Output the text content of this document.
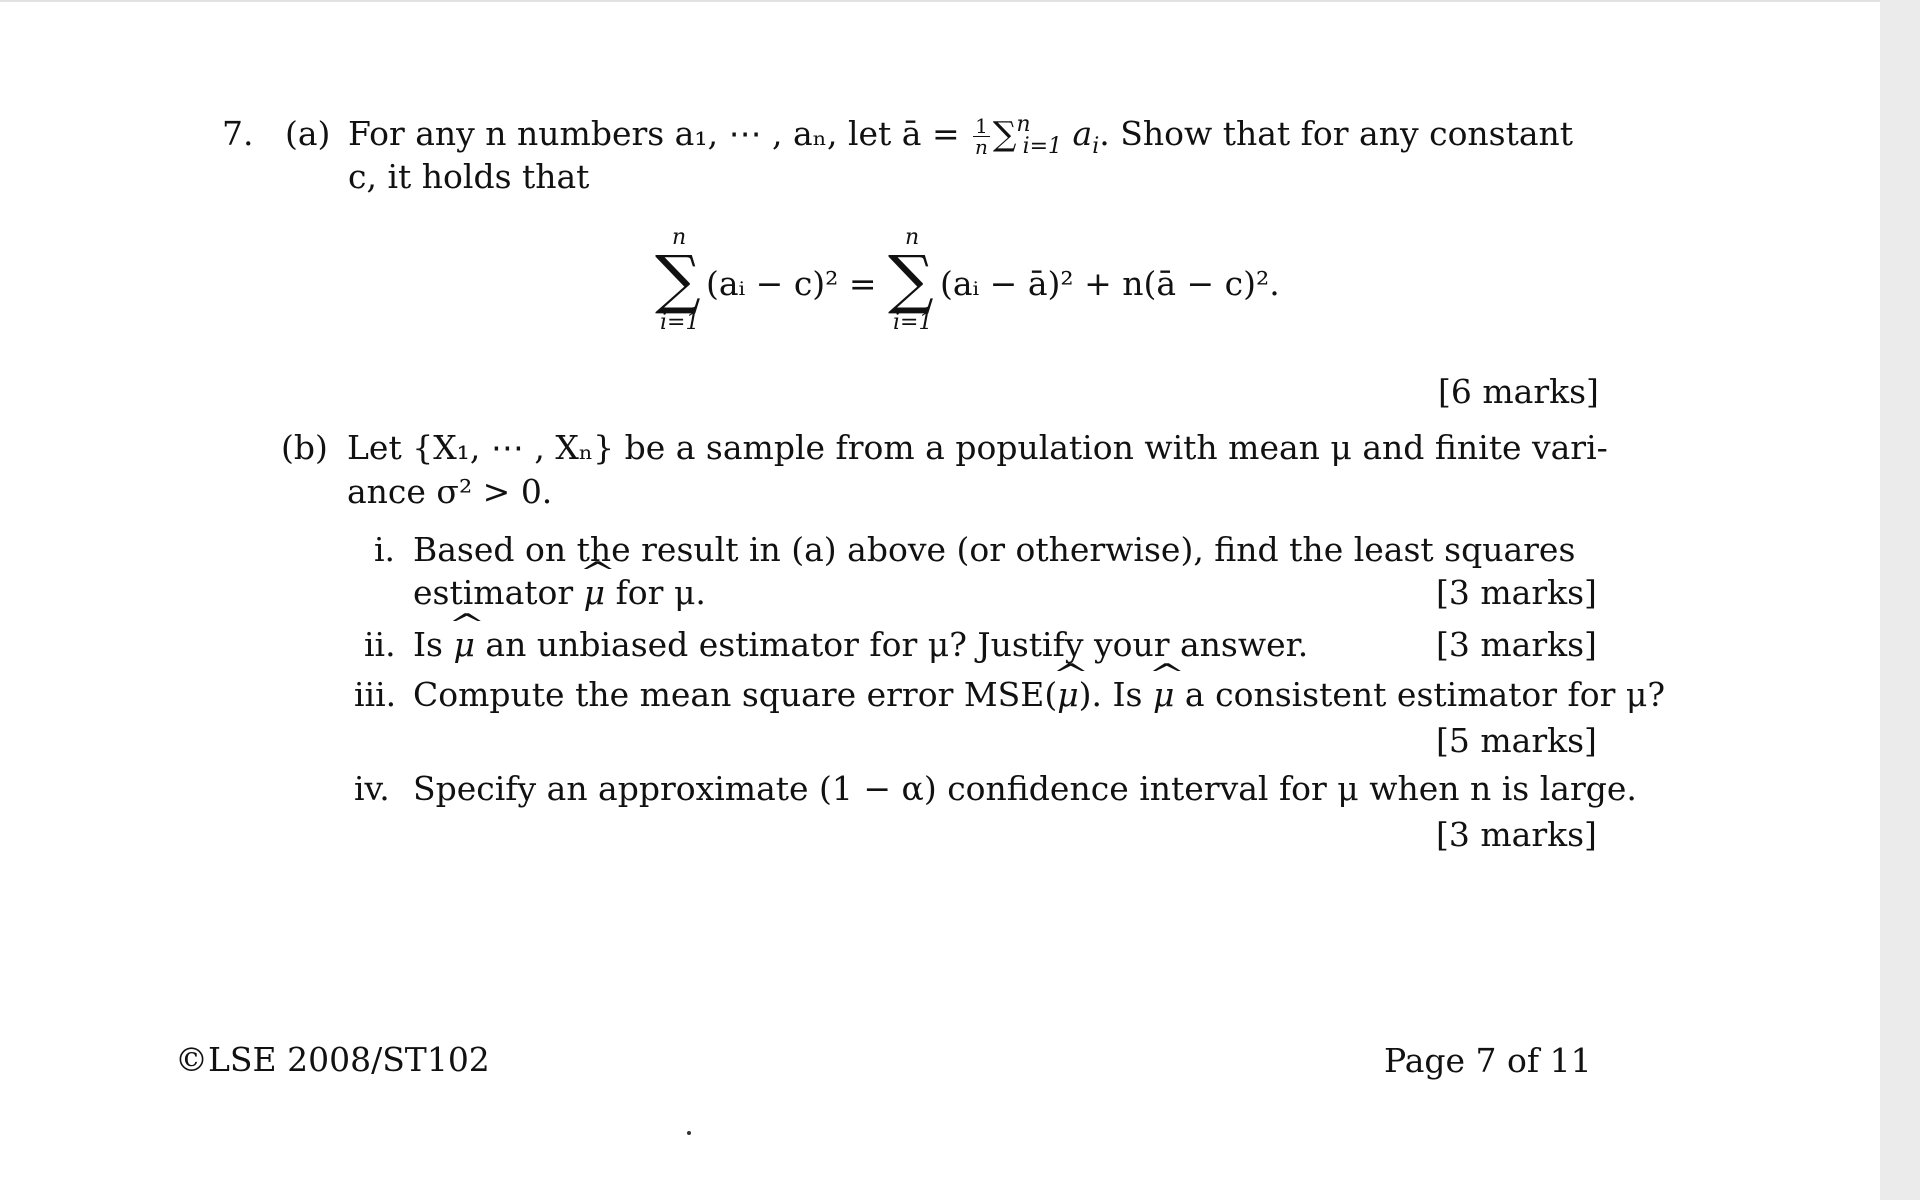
7. (a) For any n numbers a₁, ⋯ , aₙ, let ā = $\frac{1}{n} \sum^n_{i=1}$ $a_i$. Show that for any constant
c, it holds that
n
∑
i=1
(aᵢ − c)² =
n
∑
i=1
(aᵢ − ā)² + n(ā − c)².
[6 marks]
(b) Let {X₁, ⋯ , Xₙ} be a sample from a population with mean μ and finite vari-
ance σ² > 0.
i. Based on the result in (a) above (or otherwise), find the least squares
estimator ^ μ for μ.	[3 marks]
ii. Is ^ μ an unbiased estimator for μ? Justify your answer.	[3 marks]
iii. Compute the mean square error MSE(^ μ). Is ^ μ a consistent estimator for μ?
[5 marks]
iv. Specify an approximate (1 − α) confidence interval for μ when n is large.
[3 marks]
©LSE 2008/ST102	Page 7 of 11
